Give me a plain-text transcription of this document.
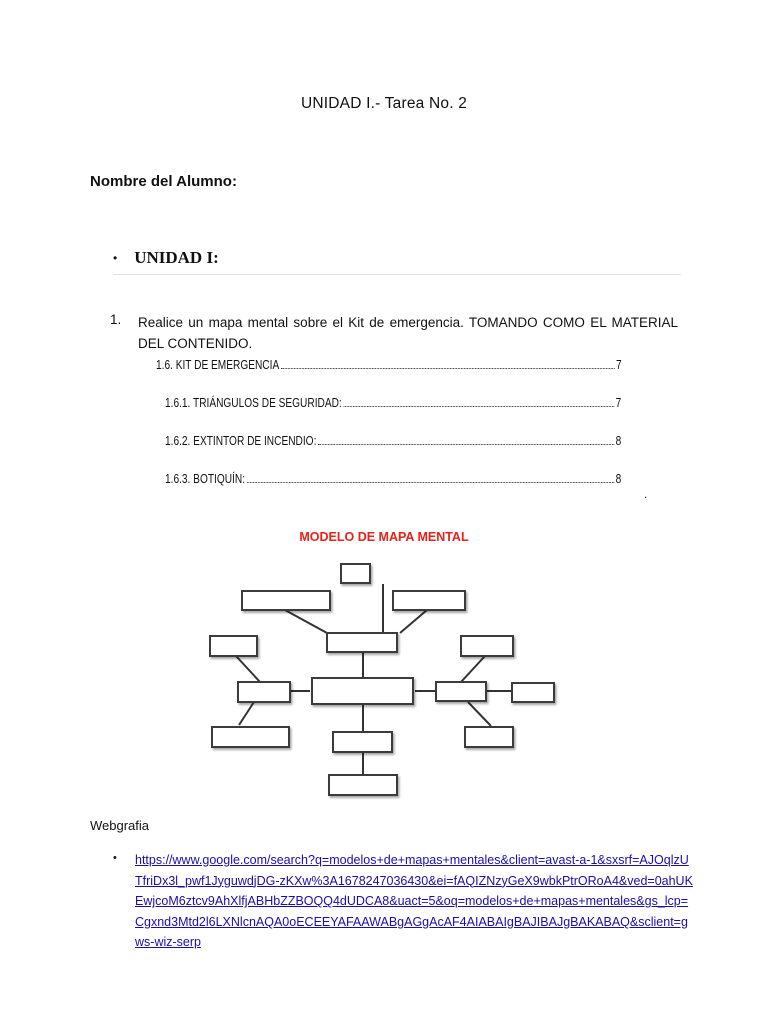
UNIDAD I.- Tarea No. 2
Nombre del Alumno:
• UNIDAD I:
1. Realice un mapa mental sobre el Kit de emergencia. TOMANDO COMO EL MATERIAL DEL CONTENIDO.
1.6. KIT DE EMERGENCIA	7
1.6.1. TRIÁNGULOS DE SEGURIDAD:	7
1.6.2. EXTINTOR DE INCENDIO:	8
1.6.3. BOTIQUÍN:	8
.
MODELO DE MAPA MENTAL
Webgrafia
• https://www.google.com/search?q=modelos+de+mapas+mentales&client=avast-a-1&sxsrf=AJOqlzUTfriDx3l_pwf1JyguwdjDG-zKXw%3A1678247036430&ei=fAQIZNzyGeX9wbkPtrORoA4&ved=0ahUKEwjcoM6ztcv9AhXlfjABHbZZBOQQ4dUDCA8&uact=5&oq=modelos+de+mapas+mentales&gs_lcp=Cgxnd3Mtd2l6LXNlcnAQA0oECEEYAFAAWABgAGgAcAF4AIABAIgBAJIBAJgBAKABAQ&sclient=gws-wiz-serp
